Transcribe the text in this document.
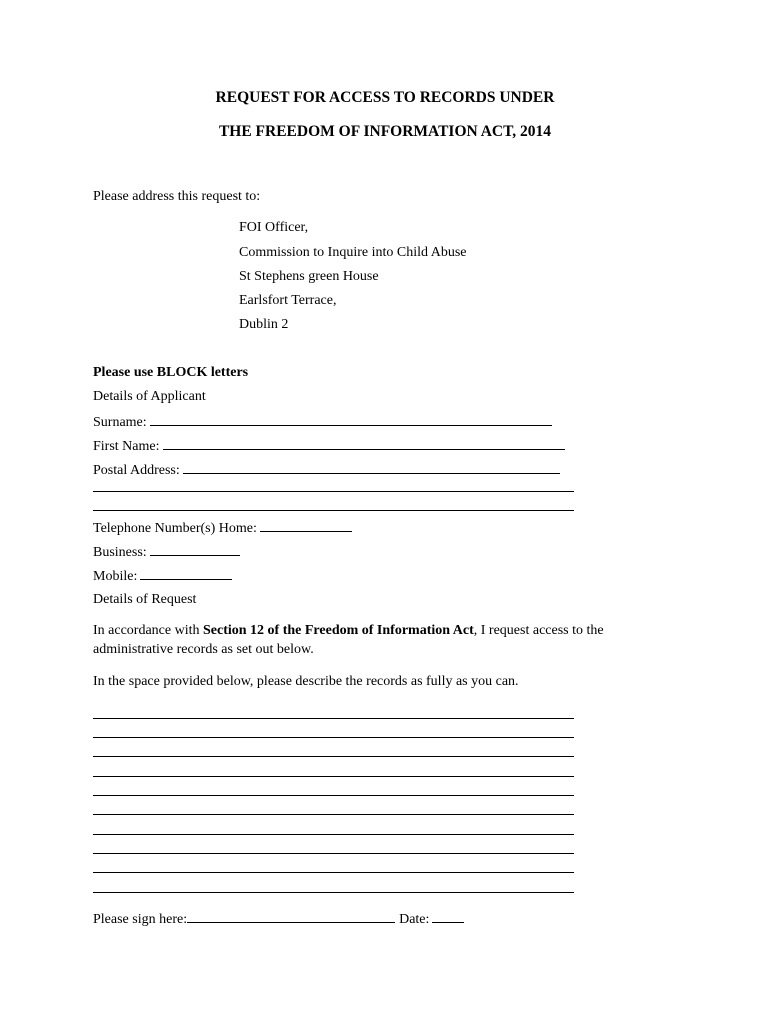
REQUEST FOR ACCESS TO RECORDS UNDER
THE FREEDOM OF INFORMATION ACT, 2014
Please address this request to:
FOI Officer,
Commission to Inquire into Child Abuse
St Stephens green House
Earlsfort Terrace,
Dublin 2
Please use BLOCK letters
Details of Applicant
Surname:
First Name:
Postal Address:
Telephone Number(s) Home:
Business:
Mobile:
Details of Request
In accordance with Section 12 of the Freedom of Information Act, I request access to the
administrative records as set out below.
In the space provided below, please describe the records as fully as you can.
Please sign here:	Date:
